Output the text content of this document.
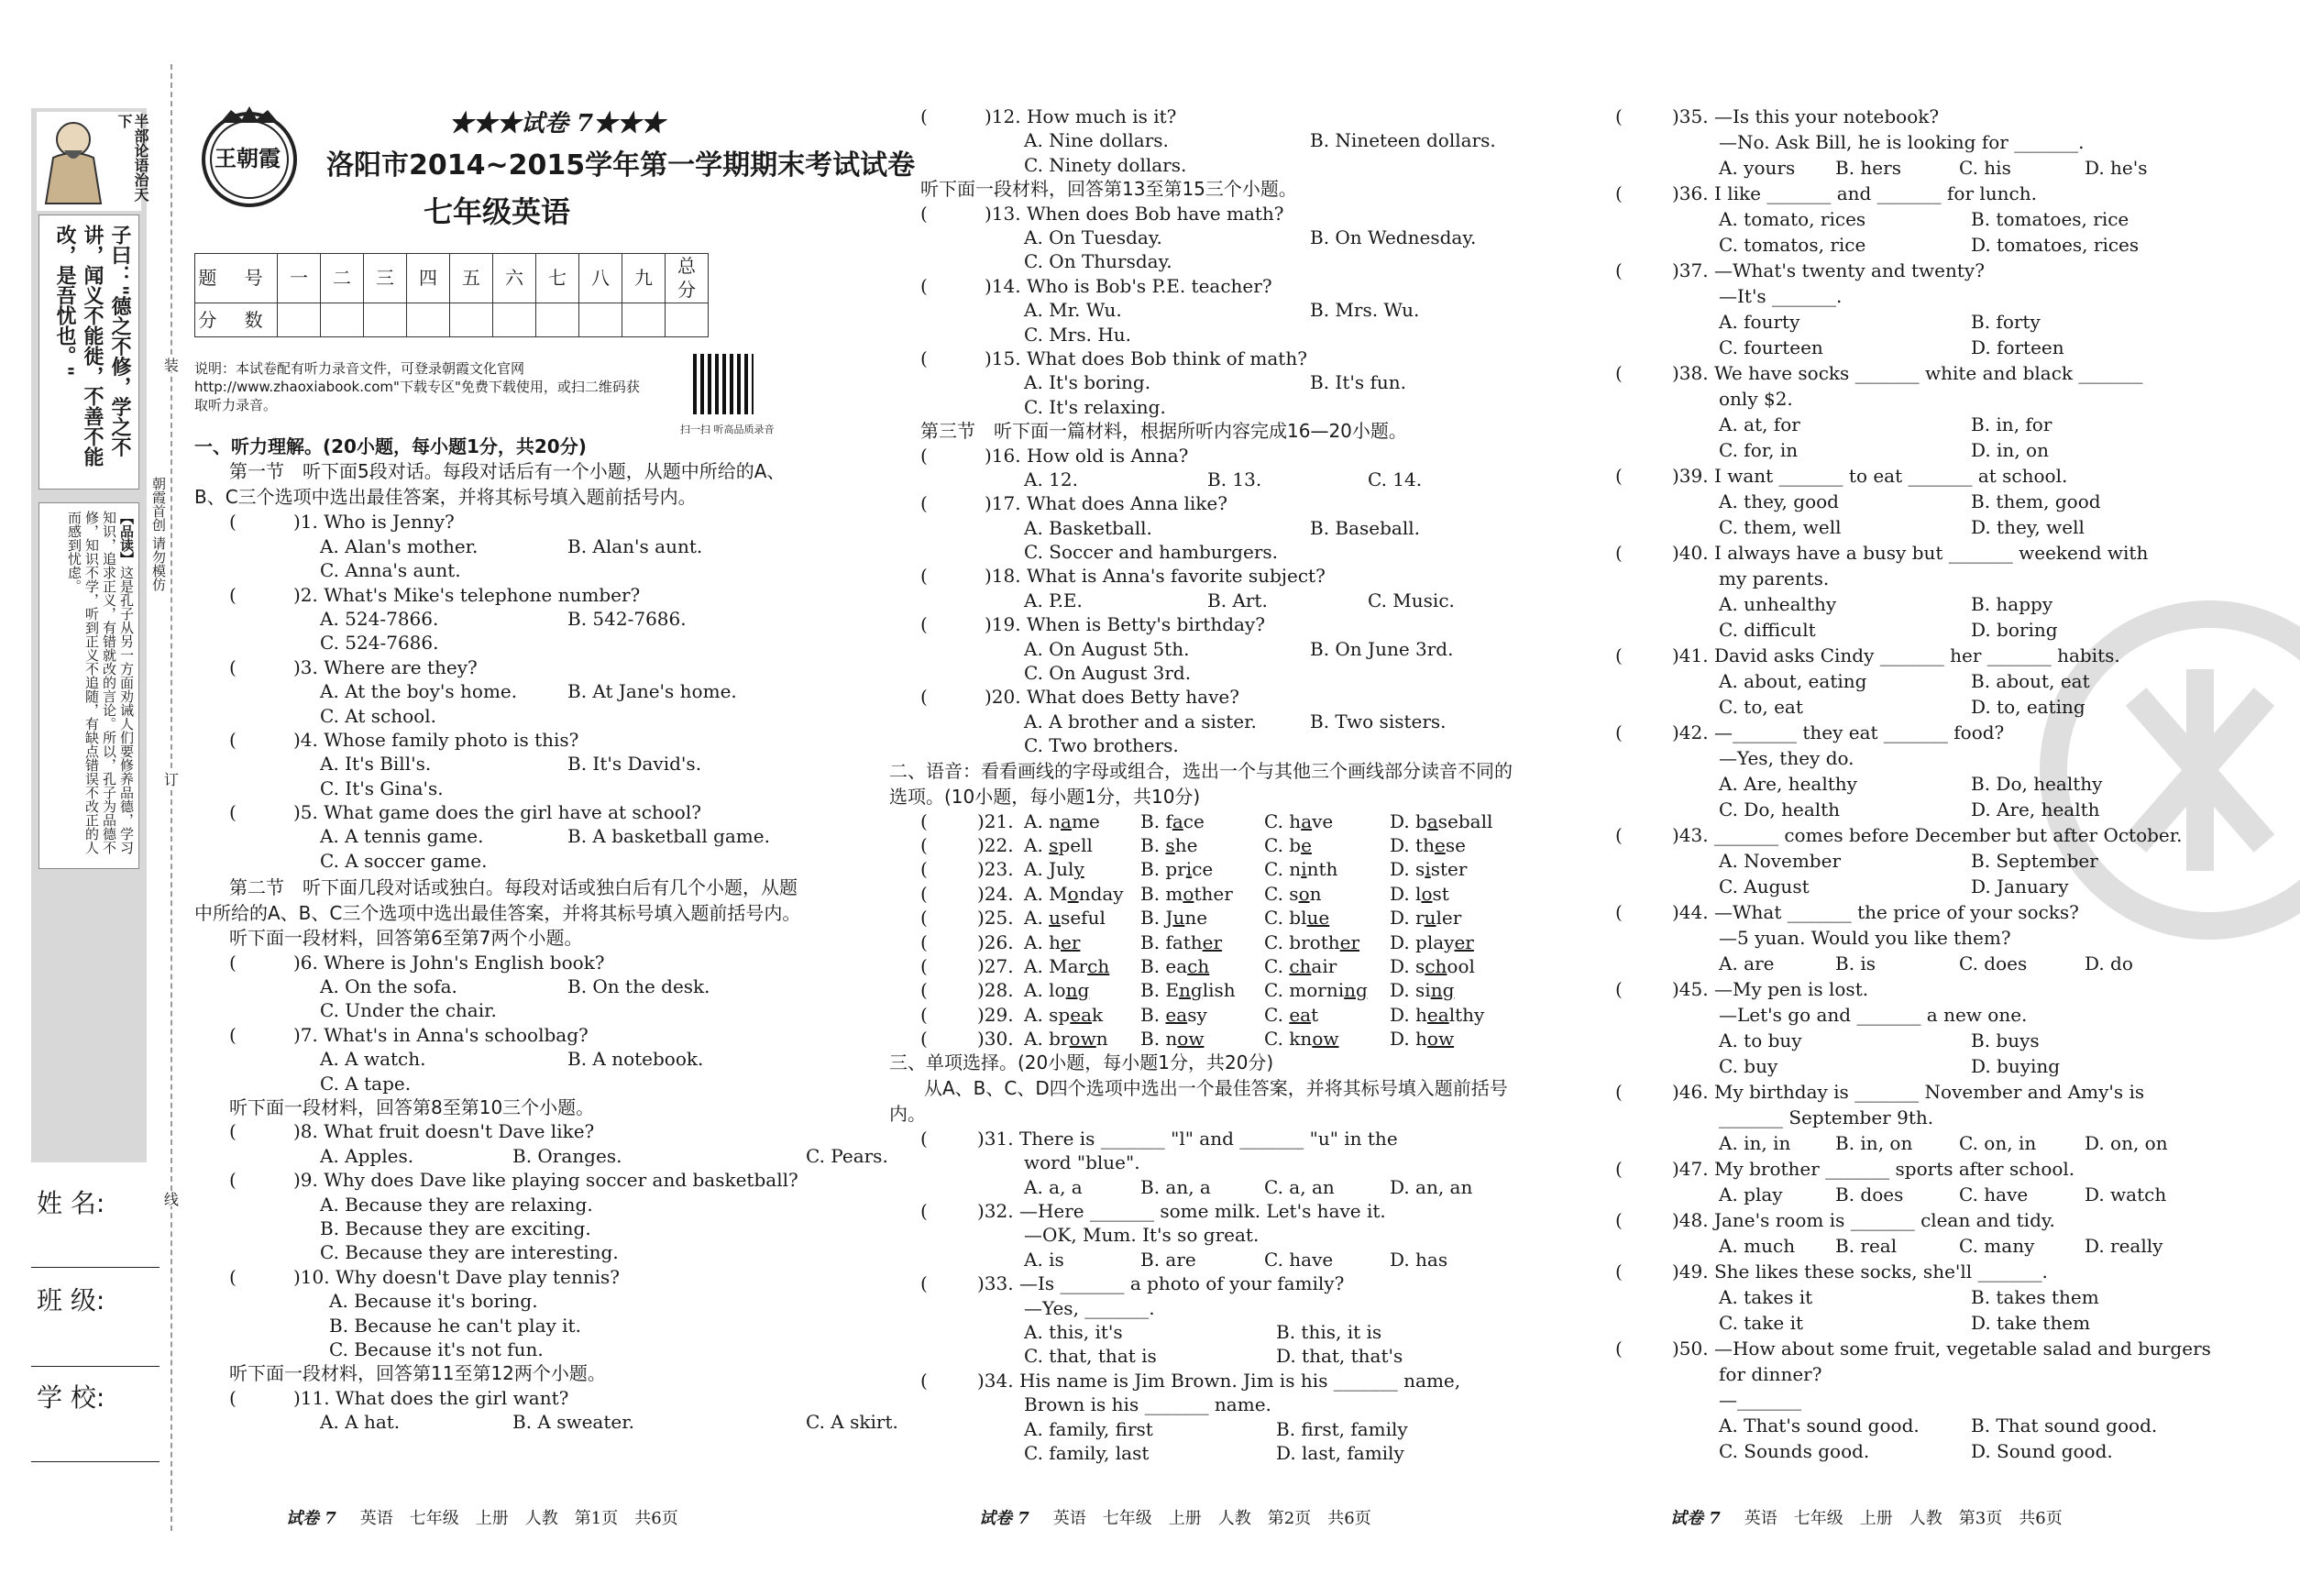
装
订
线
半部论语治天下
子曰："德之不修，学之不讲，闻义不能徙，不善不能改，是吾忧也。"
【品读】这是孔子从另一方面劝诫人们要修养品德，学习知识，追求正义，有错就改的言论。所以，孔子为品德不修，知识不学，听到正义不追随，有缺点错误不改正的人而感到忧虑。	朝霞首创 请勿模仿
姓 名:
班 级:
学 校:
王朝霞
★★★试卷 7★★★
洛阳市2014~2015学年第一学期期末考试试卷
七年级英语
题 号	一	二	三	四	五	六	七	八	九	总 分
分 数										
说明：本试卷配有听力录音文件，可登录朝霞文化官网 http://www.zhaoxiabook.com"下载专区"免费下载使用，或扫二维码获取听力录音。
扫一扫 听高品质录音
一、听力理解。(20小题，每小题1分，共20分)
第一节　听下面5段对话。每段对话后有一个小题，从题中所给的A、B、C三个选项中选出最佳答案，并将其标号填入题前括号内。
(	)1. Who is Jenny?
A. Alan's mother.	B. Alan's aunt.
C. Anna's aunt.
(	)2. What's Mike's telephone number?
A. 524-7866.	B. 542-7686.
C. 524-7686.
(	)3. Where are they?
A. At the boy's home.	B. At Jane's home.
C. At school.
(	)4. Whose family photo is this?
A. It's Bill's.	B. It's David's.
C. It's Gina's.
(	)5. What game does the girl have at school?
A. A tennis game.	B. A basketball game.
C. A soccer game.
第二节　听下面几段对话或独白。每段对话或独白后有几个小题，从题中所给的A、B、C三个选项中选出最佳答案，并将其标号填入题前括号内。
听下面一段材料，回答第6至第7两个小题。
(	)6. Where is John's English book?
A. On the sofa.	B. On the desk.
C. Under the chair.
(	)7. What's in Anna's schoolbag?
A. A watch.	B. A notebook.
C. A tape.
听下面一段材料，回答第8至第10三个小题。
(	)8. What fruit doesn't Dave like?
A. Apples.	B. Oranges.	C. Pears.
(	)9. Why does Dave like playing soccer and basketball?
A. Because they are relaxing.
B. Because they are exciting.
C. Because they are interesting.
(	)10. Why doesn't Dave play tennis?
A. Because it's boring.
B. Because he can't play it.
C. Because it's not fun.
听下面一段材料，回答第11至第12两个小题。
(	)11. What does the girl want?
A. A hat.	B. A sweater.	C. A skirt.
(	)12. How much is it?
A. Nine dollars.	B. Nineteen dollars.
C. Ninety dollars.
听下面一段材料，回答第13至第15三个小题。
(	)13. When does Bob have math?
A. On Tuesday.	B. On Wednesday.
C. On Thursday.
(	)14. Who is Bob's P.E. teacher?
A. Mr. Wu.	B. Mrs. Wu.
C. Mrs. Hu.
(	)15. What does Bob think of math?
A. It's boring.	B. It's fun.
C. It's relaxing.
第三节　听下面一篇材料，根据所听内容完成16—20小题。
(	)16. How old is Anna?
A. 12.	B. 13.	C. 14.
(	)17. What does Anna like?
A. Basketball.	B. Baseball.
C. Soccer and hamburgers.
(	)18. What is Anna's favorite subject?
A. P.E.	B. Art.	C. Music.
(	)19. When is Betty's birthday?
A. On August 5th.	B. On June 3rd.
C. On August 3rd.
(	)20. What does Betty have?
A. A brother and a sister.	B. Two sisters.
C. Two brothers.
二、语音：看看画线的字母或组合，选出一个与其他三个画线部分读音不同的选项。(10小题，每小题1分，共10分)
(	)21. A. name B. face	C. have	D. baseball
(	)22. A. spell	B. she	C. be	D. these
(	)23. A. July	B. price	C. ninth	D. sister
(	)24. A. Monday B. mother C. son	D. lost
(	)25. A. useful B. June	C. blue	D. ruler
(	)26. A. her	B. father C. brother D. player
(	)27. A. March B. each	C. chair	D. school
(	)28. A. long	B. English C. morning D. sing
(	)29. A. speak B. easy	C. eat	D. healthy
(	)30. A. brown B. now	C. know	D. how
三、单项选择。(20小题，每小题1分，共20分)
从A、B、C、D四个选项中选出一个最佳答案，并将其标号填入题前括号内。
(	)31. There is _______ "l" and _______ "u" in the
word "blue".
A. a, a	B. an, a	C. a, an	D. an, an
(	)32. —Here _______ some milk. Let's have it.
—OK, Mum. It's so great.
A. is	B. are	C. have	D. has
(	)33. —Is _______ a photo of your family?
—Yes, _______.
A. this, it's	B. this, it is
C. that, that is	D. that, that's
(	)34. His name is Jim Brown. Jim is his _______ name,
Brown is his _______ name.
A. family, first	B. first, family
C. family, last	D. last, family
(	)35. —Is this your notebook?
—No. Ask Bill, he is looking for _______.
A. yours B. hers	C. his	D. he's
(	)36. I like _______ and _______ for lunch.
A. tomato, rices	B. tomatoes, rice
C. tomatos, rice	D. tomatoes, rices
(	)37. —What's twenty and twenty?
—It's _______.
A. fourty	B. forty
C. fourteen	D. forteen
(	)38. We have socks _______ white and black _______
only $2.
A. at, for	B. in, for
C. for, in	D. in, on
(	)39. I want _______ to eat _______ at school.
A. they, good	B. them, good
C. them, well	D. they, well
(	)40. I always have a busy but _______ weekend with
my parents.
A. unhealthy	B. happy
C. difficult	D. boring
(	)41. David asks Cindy _______ her _______ habits.
A. about, eating	B. about, eat
C. to, eat	D. to, eating
(	)42. —_______ they eat _______ food?
—Yes, they do.
A. Are, healthy	B. Do, healthy
C. Do, health	D. Are, health
(	)43. _______ comes before December but after October.
A. November	B. September
C. August	D. January
(	)44. —What _______ the price of your socks?
—5 yuan. Would you like them?
A. are	B. is	C. does	D. do
(	)45. —My pen is lost.
—Let's go and _______ a new one.
A. to buy	B. buys
C. buy	D. buying
(	)46. My birthday is _______ November and Amy's is
_______ September 9th.
A. in, in B. in, on	C. on, in	D. on, on
(	)47. My brother _______ sports after school.
A. play	B. does	C. have	D. watch
(	)48. Jane's room is _______ clean and tidy.
A. much B. real	C. many	D. really
(	)49. She likes these socks, she'll _______.
A. takes it	B. takes them
C. take it	D. take them
(	)50. —How about some fruit, vegetable salad and burgers
for dinner?
—_______
A. That's sound good.	B. That sound good.
C. Sounds good.	D. Sound good.
试卷 7 英语　七年级　上册　人教　第1页　共6页	试卷 7 英语　七年级　上册　人教　第2页　共6页	试卷 7 英语　七年级　上册　人教　第3页　共6页
